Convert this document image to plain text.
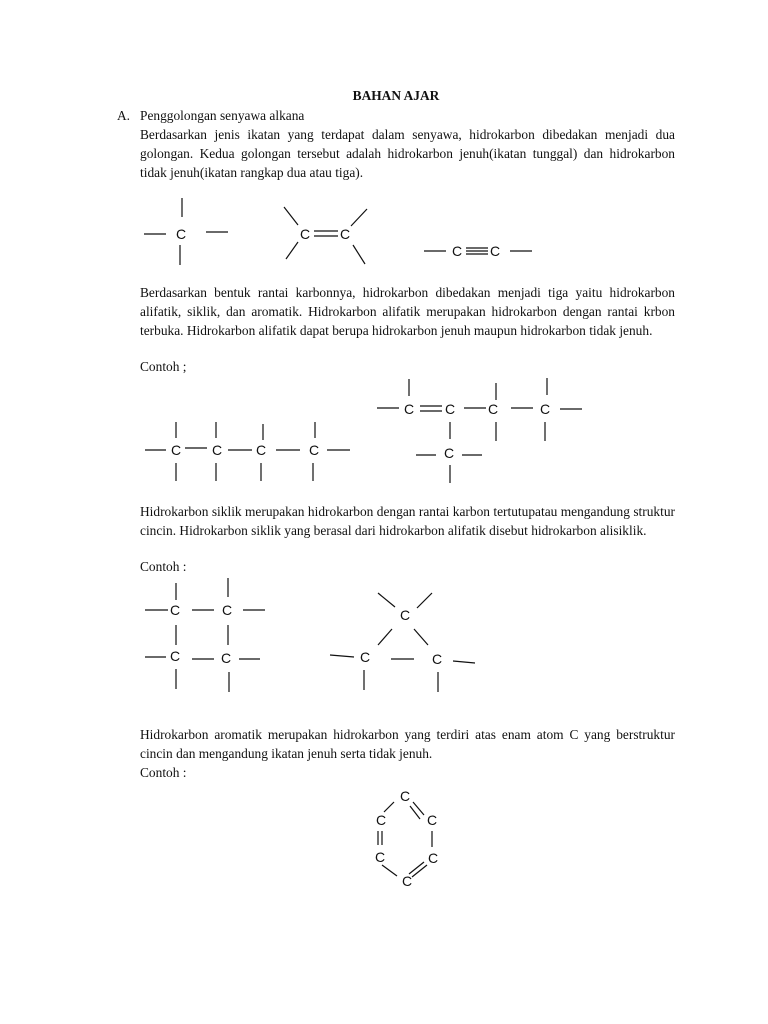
BAHAN AJAR
A. Penggolongan senyawa alkana
Berdasarkan jenis ikatan yang terdapat dalam senyawa, hidrokarbon dibedakan menjadi dua golongan. Kedua golongan tersebut adalah hidrokarbon jenuh(ikatan tunggal) dan hidrokarbon tidak jenuh(ikatan rangkap dua atau tiga).
C	C C
C C
Berdasarkan bentuk rantai karbonnya, hidrokarbon dibedakan menjadi tiga yaitu hidrokarbon alifatik, siklik, dan aromatik. Hidrokarbon alifatik merupakan hidrokarbon dengan rantai krbon terbuka. Hidrokarbon alifatik dapat berupa hidrokarbon jenuh maupun hidrokarbon tidak jenuh.
Contoh ;
C C C	C
C C C	C
C
Hidrokarbon siklik merupakan hidrokarbon dengan rantai karbon tertutupatau mengandung struktur cincin. Hidrokarbon siklik yang berasal dari hidrokarbon alifatik disebut hidrokarbon alisiklik.
Contoh :
C	C
C	C
C
C	C
Hidrokarbon aromatik merupakan hidrokarbon yang terdiri atas enam atom C yang berstruktur cincin dan mengandung ikatan jenuh serta tidak jenuh.
Contoh :
C
C	C
C	C
C
